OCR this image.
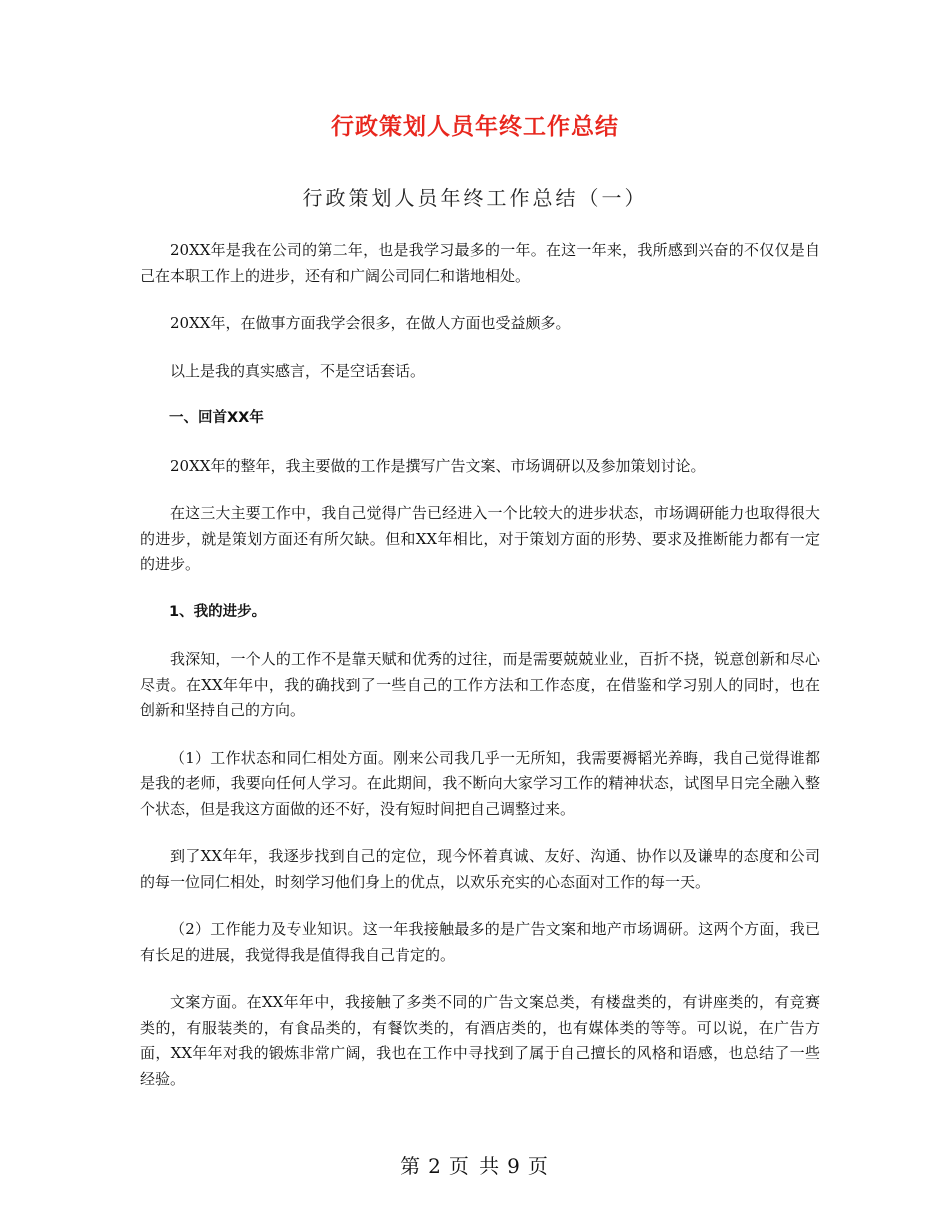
行政策划人员年终工作总结
行政策划人员年终工作总结（一）

20XX年是我在公司的第二年，也是我学习最多的一年。在这一年来，我所感到兴奋的不仅仅是自己在本职工作上的进步，还有和广阔公司同仁和谐地相处。

20XX年，在做事方面我学会很多，在做人方面也受益颇多。

以上是我的真实感言，不是空话套话。

一、回首XX年

20XX年的整年，我主要做的工作是撰写广告文案、市场调研以及参加策划讨论。

在这三大主要工作中，我自己觉得广告已经进入一个比较大的进步状态，市场调研能力也取得很大的进步，就是策划方面还有所欠缺。但和XX年相比，对于策划方面的形势、要求及推断能力都有一定的进步。

1、我的进步。

我深知，一个人的工作不是靠天赋和优秀的过往，而是需要兢兢业业，百折不挠，锐意创新和尽心尽责。在XX年年中，我的确找到了一些自己的工作方法和工作态度，在借鉴和学习别人的同时，也在创新和坚持自己的方向。

（1）工作状态和同仁相处方面。刚来公司我几乎一无所知，我需要褥韬光养晦，我自己觉得谁都是我的老师，我要向任何人学习。在此期间，我不断向大家学习工作的精神状态，试图早日完全融入整个状态，但是我这方面做的还不好，没有短时间把自己调整过来。

到了XX年年，我逐步找到自己的定位，现今怀着真诚、友好、沟通、协作以及谦卑的态度和公司的每一位同仁相处，时刻学习他们身上的优点，以欢乐充实的心态面对工作的每一天。

（2）工作能力及专业知识。这一年我接触最多的是广告文案和地产市场调研。这两个方面，我已有长足的进展，我觉得我是值得我自己肯定的。

文案方面。在XX年年中，我接触了多类不同的广告文案总类，有楼盘类的，有讲座类的，有竞赛类的，有服装类的，有食品类的，有餐饮类的，有酒店类的，也有媒体类的等等。可以说，在广告方面，XX年年对我的锻炼非常广阔，我也在工作中寻找到了属于自己擅长的风格和语感，也总结了一些经验。

第 2 页 共 9 页
